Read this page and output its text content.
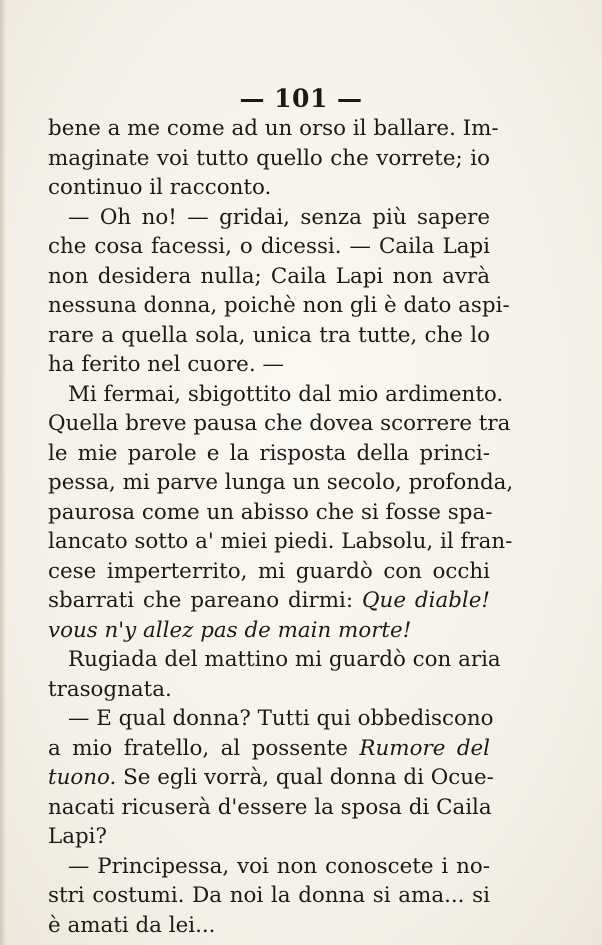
— 101 —
bene a me come ad un orso il ballare. Im-
maginate voi tutto quello che vorrete; io
continuo il racconto.
— Oh no! — gridai, senza più sapere
che cosa facessi, o dicessi. — Caila Lapi
non desidera nulla; Caila Lapi non avrà
nessuna donna, poichè non gli è dato aspi-
rare a quella sola, unica tra tutte, che lo
ha ferito nel cuore. —
Mi fermai, sbigottito dal mio ardimento.
Quella breve pausa che dovea scorrere tra
le mie parole e la risposta della princi-
pessa, mi parve lunga un secolo, profonda,
paurosa come un abisso che si fosse spa-
lancato sotto a' miei piedi. Labsolu, il fran-
cese imperterrito, mi guardò con occhi
sbarrati che pareano dirmi: Que diable!
vous n'y allez pas de main morte!
Rugiada del mattino mi guardò con aria
trasognata.
— E qual donna? Tutti qui obbediscono
a mio fratello, al possente Rumore del
tuono. Se egli vorrà, qual donna di Ocue-
nacati ricuserà d'essere la sposa di Caila
Lapi?
— Principessa, voi non conoscete i no-
stri costumi. Da noi la donna si ama... si
è amati da lei...
